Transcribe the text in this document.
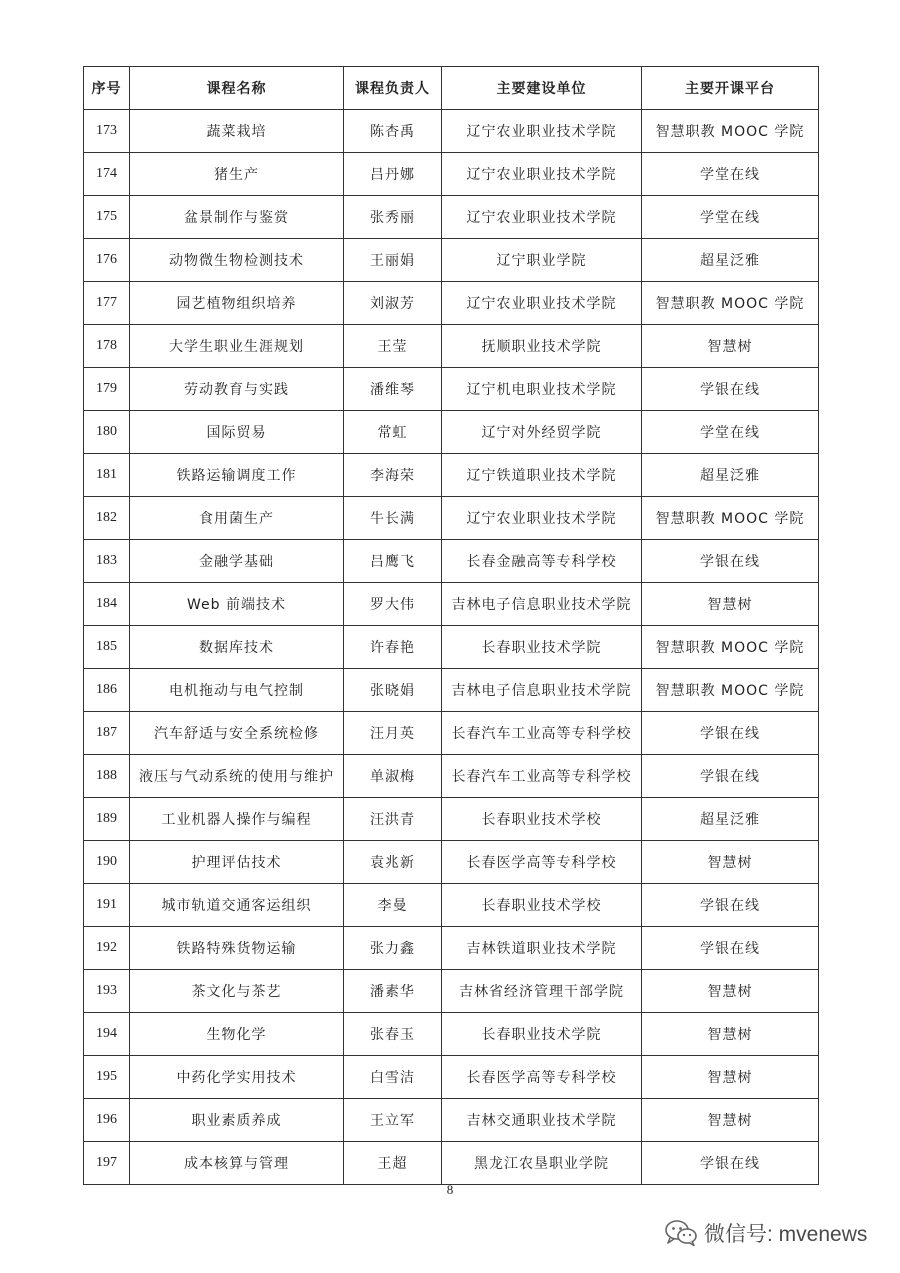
序号	课程名称	课程负责人	主要建设单位	主要开课平台
173	蔬菜栽培	陈杏禹	辽宁农业职业技术学院	智慧职教 MOOC 学院
174	猪生产	吕丹娜	辽宁农业职业技术学院	学堂在线
175	盆景制作与鉴赏	张秀丽	辽宁农业职业技术学院	学堂在线
176	动物微生物检测技术	王丽娟	辽宁职业学院	超星泛雅
177	园艺植物组织培养	刘淑芳	辽宁农业职业技术学院	智慧职教 MOOC 学院
178	大学生职业生涯规划	王莹	抚顺职业技术学院	智慧树
179	劳动教育与实践	潘维琴	辽宁机电职业技术学院	学银在线
180	国际贸易	常虹	辽宁对外经贸学院	学堂在线
181	铁路运输调度工作	李海荣	辽宁铁道职业技术学院	超星泛雅
182	食用菌生产	牛长满	辽宁农业职业技术学院	智慧职教 MOOC 学院
183	金融学基础	吕鹰飞	长春金融高等专科学校	学银在线
184	Web 前端技术	罗大伟	吉林电子信息职业技术学院	智慧树
185	数据库技术	许春艳	长春职业技术学院	智慧职教 MOOC 学院
186	电机拖动与电气控制	张晓娟	吉林电子信息职业技术学院	智慧职教 MOOC 学院
187	汽车舒适与安全系统检修	汪月英	长春汽车工业高等专科学校	学银在线
188	液压与气动系统的使用与维护	单淑梅	长春汽车工业高等专科学校	学银在线
189	工业机器人操作与编程	汪洪青	长春职业技术学校	超星泛雅
190	护理评估技术	袁兆新	长春医学高等专科学校	智慧树
191	城市轨道交通客运组织	李曼	长春职业技术学校	学银在线
192	铁路特殊货物运输	张力鑫	吉林铁道职业技术学院	学银在线
193	茶文化与茶艺	潘素华	吉林省经济管理干部学院	智慧树
194	生物化学	张春玉	长春职业技术学院	智慧树
195	中药化学实用技术	白雪洁	长春医学高等专科学校	智慧树
196	职业素质养成	王立军	吉林交通职业技术学院	智慧树
197	成本核算与管理	王超	黑龙江农垦职业学院	学银在线
8
微信号: mvenews
